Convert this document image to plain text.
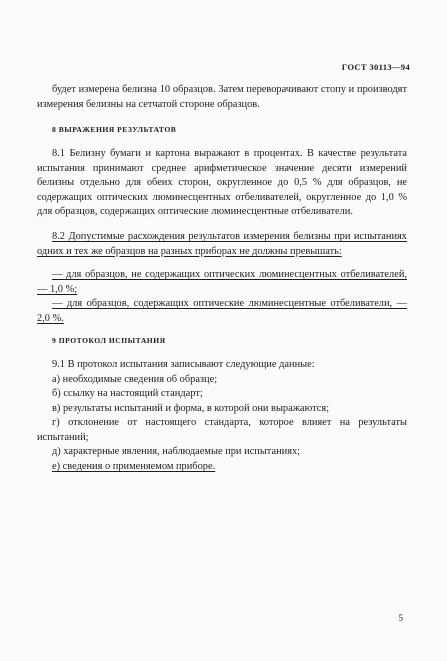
ГОСТ 30113—94
будет измерена белизна 10 образцов. Затем переворачивают стопу и производят измерения белизны на сетчатой стороне образцов.
8 ВЫРАЖЕНИЯ РЕЗУЛЬТАТОВ
8.1 Белизну бумаги и картона выражают в процентах. В качестве результата испытания принимают среднее арифметическое значение десяти измерений белизны отдельно для обеих сторон, округленное до 0,5 % для образцов, не содержащих оптических люминесцентных отбеливателей, округленное до 1,0 % для образцов, содержащих оптические люминесцентные отбеливатели.
8.2 Допустимые расхождения результатов измерения белизны при испытаниях одних и тех же образцов на разных приборах не должны превышать:
— для образцов, не содержащих оптических люминесцентных отбеливателей, — 1,0 %;
— для образцов, содержащих оптические люминесцентные отбеливатели, — 2,0 %.
9 ПРОТОКОЛ ИСПЫТАНИЯ
9.1 В протокол испытания записывают следующие данные:
а) необходимые сведения об образце;
б) ссылку на настоящий стандарт;
в) результаты испытаний и форма, в которой они выражаются;
г) отклонение от настоящего стандарта, которое влияет на результаты испытаний;
д) характерные явления, наблюдаемые при испытаниях;
е) сведения о применяемом приборе.
5
